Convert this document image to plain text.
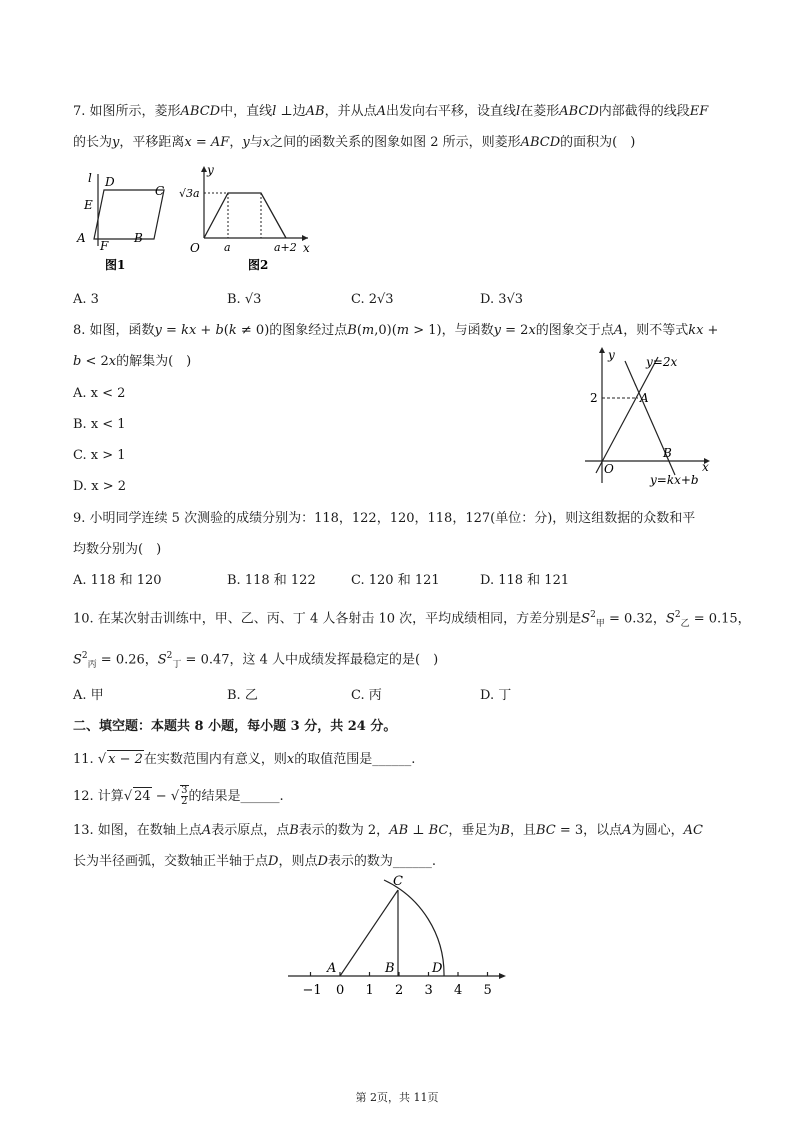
7. 如图所示，菱形ABCD中，直线l ⊥边AB，并从点A出发向右平移，设直线l在菱形ABCD内部截得的线段EF
的长为y，平移距离x = AF，y与x之间的函数关系的图象如图 2 所示，则菱形ABCD的面积为(　)
l D
C
E
A
F
B
图1
y
x
O
√3a
a	a+2
图2
A. 3	B. √3	C. 2√3	D. 3√3
8. 如图，函数y = kx + b(k ≠ 0)的图象经过点B(m,0)(m > 1)，与函数y = 2x的图象交于点A，则不等式kx +
b < 2x的解集为(　)
A. x < 2
B. x < 1
C. x > 1
D. x > 2
y
x
O
2	A
B
y=2x
y=kx+b
9. 小明同学连续 5 次测验的成绩分别为：118，122，120，118，127(单位：分)，则这组数据的众数和平
均数分别为(　)
A. 118 和 120	B. 118 和 122	C. 120 和 121	D. 118 和 121
10. 在某次射击训练中，甲、乙、丙、丁 4 人各射击 10 次，平均成绩相同，方差分别是$S^2_甲 = 0.32$，$S^2_乙 = 0.15$，
$S^2_丙 = 0.26$，$S^2_丁 = 0.47$，这 4 人中成绩发挥最稳定的是(　)
A. 甲	B. 乙	C. 丙	D. 丁
二、填空题：本题共 8 小题，每小题 3 分，共 24 分。
11. √ x − 2在实数范围内有意义，则x的取值范围是______.
12. 计算√ 24 − √ $\frac{3}{2}$ 的结果是______.
13. 如图，在数轴上点A表示原点，点B表示的数为 2，AB ⊥ BC，垂足为B，且BC = 3，以点A为圆心，AC
长为半径画弧，交数轴正半轴于点D，则点D表示的数为______.
−1 0 1 2 3 4 5
C
A	B	D
第 2页，共 11页
